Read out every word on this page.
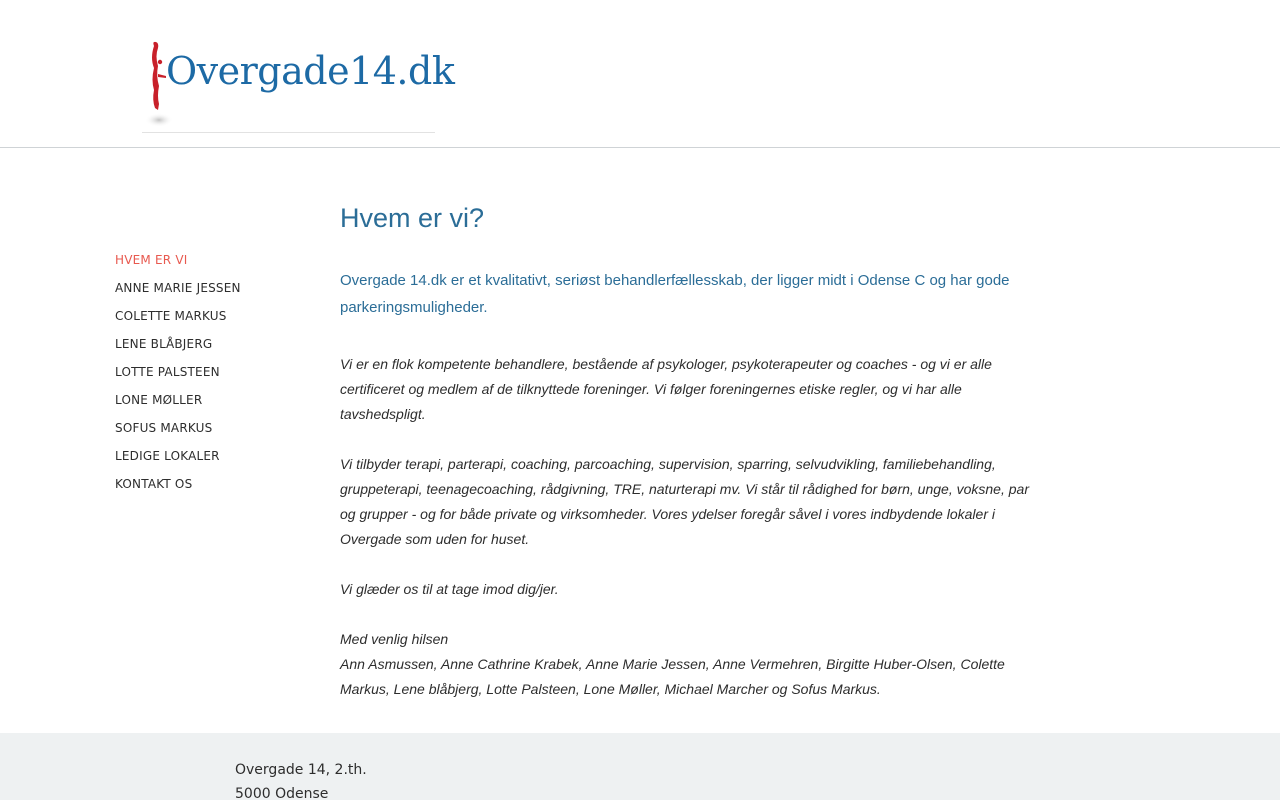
Overgade14.dk
HVEM ER VI
ANNE MARIE JESSEN
COLETTE MARKUS
LENE BLÅBJERG
LOTTE PALSTEEN
LONE MØLLER
SOFUS MARKUS
LEDIGE LOKALER
KONTAKT OS
Hvem er vi?

Overgade 14.dk er et kvalitativt, seriøst behandlerfællesskab, der ligger midt i Odense C og har gode parkeringsmuligheder.

Vi er en flok kompetente behandlere, bestående af psykologer, psykoterapeuter og coaches - og vi er alle certificeret og medlem af de tilknyttede foreninger. Vi følger foreningernes etiske regler, og vi har alle tavshedspligt.

Vi tilbyder terapi, parterapi, coaching, parcoaching, supervision, sparring, selvudvikling, familiebehandling, gruppeterapi, teenagecoaching, rådgivning, TRE, naturterapi mv. Vi står til rådighed for børn, unge, voksne, par og grupper - og for både private og virksomheder. Vores ydelser foregår såvel i vores indbydende lokaler i Overgade som uden for huset.

Vi glæder os til at tage imod dig/jer.

Med venlig hilsen

Ann Asmussen, Anne Cathrine Krabek, Anne Marie Jessen, Anne Vermehren, Birgitte Huber-Olsen, Colette Markus, Lene blåbjerg, Lotte Palsteen, Lone Møller, Michael Marcher og Sofus Markus.

Overgade 14, 2.th.
5000 Odense
